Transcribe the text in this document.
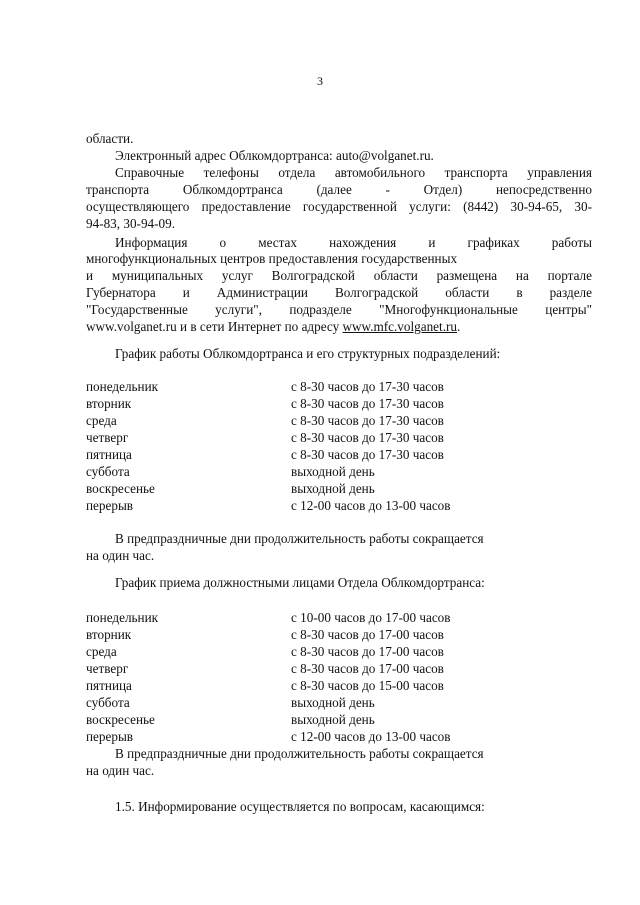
3
области.
Электронный адрес Облкомдортранса: auto@volganet.ru.
Справочные телефоны отдела автомобильного транспорта управления
транспорта Облкомдортранса (далее - Отдел) непосредственно
осуществляющего предоставление государственной услуги: (8442) 30-94-65, 30-
94-83, 30-94-09.
Информация о местах нахождения и графиках работы
многофункциональных центров предоставления государственных
и муниципальных услуг Волгоградской области размещена на портале
Губернатора и Администрации Волгоградской области в разделе
"Государственные услуги", подразделе "Многофункциональные центры"
www.volganet.ru и в сети Интернет по адресу www.mfc.volganet.ru.
График работы Облкомдортранса и его структурных подразделений:
понедельник	с 8-30 часов до 17-30 часов
вторник	с 8-30 часов до 17-30 часов
среда	с 8-30 часов до 17-30 часов
четверг	с 8-30 часов до 17-30 часов
пятница	с 8-30 часов до 17-30 часов
суббота	выходной день
воскресенье	выходной день
перерыв	с 12-00 часов до 13-00 часов
В предпраздничные дни продолжительность работы сокращается
на один час.
График приема должностными лицами Отдела Облкомдортранса:
понедельник	с 10-00 часов до 17-00 часов
вторник	с 8-30 часов до 17-00 часов
среда	с 8-30 часов до 17-00 часов
четверг	с 8-30 часов до 17-00 часов
пятница	с 8-30 часов до 15-00 часов
суббота	выходной день
воскресенье	выходной день
перерыв	с 12-00 часов до 13-00 часов
В предпраздничные дни продолжительность работы сокращается
на один час.
1.5. Информирование осуществляется по вопросам, касающимся:
